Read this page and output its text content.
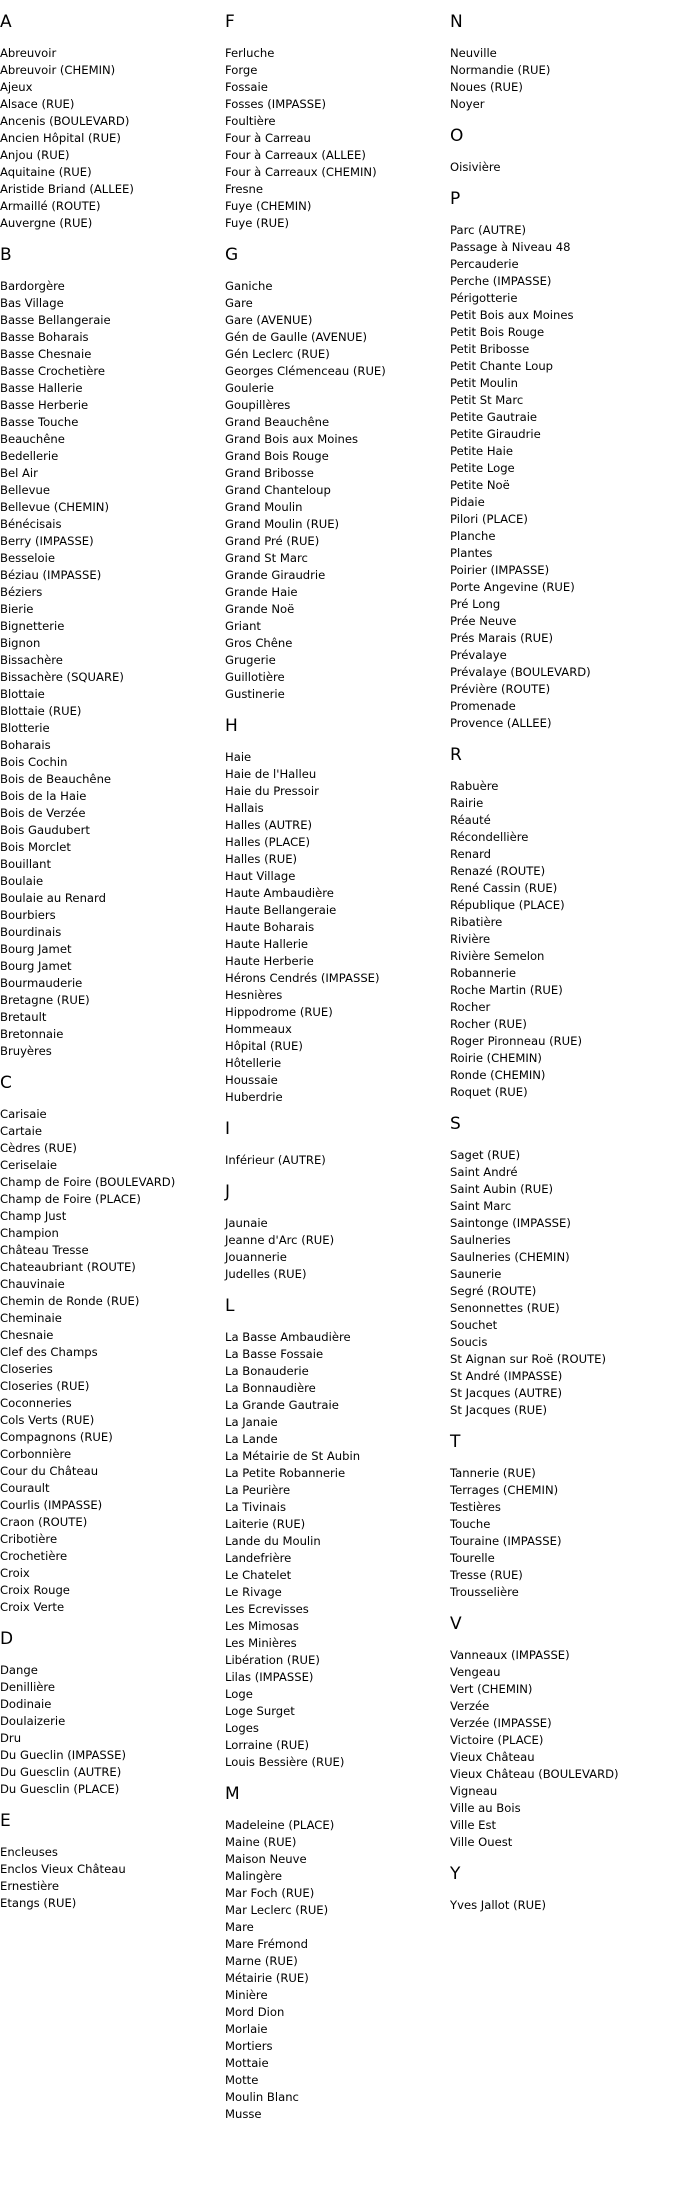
A
Abreuvoir
Abreuvoir (CHEMIN)
Ajeux
Alsace (RUE)
Ancenis (BOULEVARD)
Ancien Hôpital (RUE)
Anjou (RUE)
Aquitaine (RUE)
Aristide Briand (ALLEE)
Armaillé (ROUTE)
Auvergne (RUE)
B
Bardorgère
Bas Village
Basse Bellangeraie
Basse Boharais
Basse Chesnaie
Basse Crochetière
Basse Hallerie
Basse Herberie
Basse Touche
Beauchêne
Bedellerie
Bel Air
Bellevue
Bellevue (CHEMIN)
Bénécisais
Berry (IMPASSE)
Besseloie
Béziau (IMPASSE)
Béziers
Bierie
Bignetterie
Bignon
Bissachère
Bissachère (SQUARE)
Blottaie
Blottaie (RUE)
Blotterie
Boharais
Bois Cochin
Bois de Beauchêne
Bois de la Haie
Bois de Verzée
Bois Gaudubert
Bois Morclet
Bouillant
Boulaie
Boulaie au Renard
Bourbiers
Bourdinais
Bourg Jamet
Bourg Jamet
Bourmauderie
Bretagne (RUE)
Bretault
Bretonnaie
Bruyères
C
Carisaie
Cartaie
Cèdres (RUE)
Ceriselaie
Champ de Foire (BOULEVARD)
Champ de Foire (PLACE)
Champ Just
Champion
Château Tresse
Chateaubriant (ROUTE)
Chauvinaie
Chemin de Ronde (RUE)
Cheminaie
Chesnaie
Clef des Champs
Closeries
Closeries (RUE)
Coconneries
Cols Verts (RUE)
Compagnons (RUE)
Corbonnière
Cour du Château
Courault
Courlis (IMPASSE)
Craon (ROUTE)
Cribotière
Crochetière
Croix
Croix Rouge
Croix Verte
D
Dange
Denillière
Dodinaie
Doulaizerie
Dru
Du Gueclin (IMPASSE)
Du Guesclin (AUTRE)
Du Guesclin (PLACE)
E
Encleuses
Enclos Vieux Château
Ernestière
Etangs (RUE)
F
Ferluche
Forge
Fossaie
Fosses (IMPASSE)
Foultière
Four à Carreau
Four à Carreaux (ALLEE)
Four à Carreaux (CHEMIN)
Fresne
Fuye (CHEMIN)
Fuye (RUE)
G
Ganiche
Gare
Gare (AVENUE)
Gén de Gaulle (AVENUE)
Gén Leclerc (RUE)
Georges Clémenceau (RUE)
Goulerie
Goupillères
Grand Beauchêne
Grand Bois aux Moines
Grand Bois Rouge
Grand Bribosse
Grand Chanteloup
Grand Moulin
Grand Moulin (RUE)
Grand Pré (RUE)
Grand St Marc
Grande Giraudrie
Grande Haie
Grande Noë
Griant
Gros Chêne
Grugerie
Guillotière
Gustinerie
H
Haie
Haie de l'Halleu
Haie du Pressoir
Hallais
Halles (AUTRE)
Halles (PLACE)
Halles (RUE)
Haut Village
Haute Ambaudière
Haute Bellangeraie
Haute Boharais
Haute Hallerie
Haute Herberie
Hérons Cendrés (IMPASSE)
Hesnières
Hippodrome (RUE)
Hommeaux
Hôpital (RUE)
Hôtellerie
Houssaie
Huberdrie
I
Inférieur (AUTRE)
J
Jaunaie
Jeanne d'Arc (RUE)
Jouannerie
Judelles (RUE)
L
La Basse Ambaudière
La Basse Fossaie
La Bonauderie
La Bonnaudière
La Grande Gautraie
La Janaie
La Lande
La Métairie de St Aubin
La Petite Robannerie
La Peurière
La Tivinais
Laiterie (RUE)
Lande du Moulin
Landefrière
Le Chatelet
Le Rivage
Les Ecrevisses
Les Mimosas
Les Minières
Libération (RUE)
Lilas (IMPASSE)
Loge
Loge Surget
Loges
Lorraine (RUE)
Louis Bessière (RUE)
M
Madeleine (PLACE)
Maine (RUE)
Maison Neuve
Malingère
Mar Foch (RUE)
Mar Leclerc (RUE)
Mare
Mare Frémond
Marne (RUE)
Métairie (RUE)
Minière
Mord Dion
Morlaie
Mortiers
Mottaie
Motte
Moulin Blanc
Musse
N
Neuville
Normandie (RUE)
Noues (RUE)
Noyer
O
Oisivière
P
Parc (AUTRE)
Passage à Niveau 48
Percauderie
Perche (IMPASSE)
Périgotterie
Petit Bois aux Moines
Petit Bois Rouge
Petit Bribosse
Petit Chante Loup
Petit Moulin
Petit St Marc
Petite Gautraie
Petite Giraudrie
Petite Haie
Petite Loge
Petite Noë
Pidaie
Pilori (PLACE)
Planche
Plantes
Poirier (IMPASSE)
Porte Angevine (RUE)
Pré Long
Prée Neuve
Prés Marais (RUE)
Prévalaye
Prévalaye (BOULEVARD)
Prévière (ROUTE)
Promenade
Provence (ALLEE)
R
Rabuère
Rairie
Réauté
Récondellière
Renard
Renazé (ROUTE)
René Cassin (RUE)
République (PLACE)
Ribatière
Rivière
Rivière Semelon
Robannerie
Roche Martin (RUE)
Rocher
Rocher (RUE)
Roger Pironneau (RUE)
Roirie (CHEMIN)
Ronde (CHEMIN)
Roquet (RUE)
S
Saget (RUE)
Saint André
Saint Aubin (RUE)
Saint Marc
Saintonge (IMPASSE)
Saulneries
Saulneries (CHEMIN)
Saunerie
Segré (ROUTE)
Senonnettes (RUE)
Souchet
Soucis
St Aignan sur Roë (ROUTE)
St André (IMPASSE)
St Jacques (AUTRE)
St Jacques (RUE)
T
Tannerie (RUE)
Terrages (CHEMIN)
Testières
Touche
Touraine (IMPASSE)
Tourelle
Tresse (RUE)
Trousselière
V
Vanneaux (IMPASSE)
Vengeau
Vert (CHEMIN)
Verzée
Verzée (IMPASSE)
Victoire (PLACE)
Vieux Château
Vieux Château (BOULEVARD)
Vigneau
Ville au Bois
Ville Est
Ville Ouest
Y
Yves Jallot (RUE)
